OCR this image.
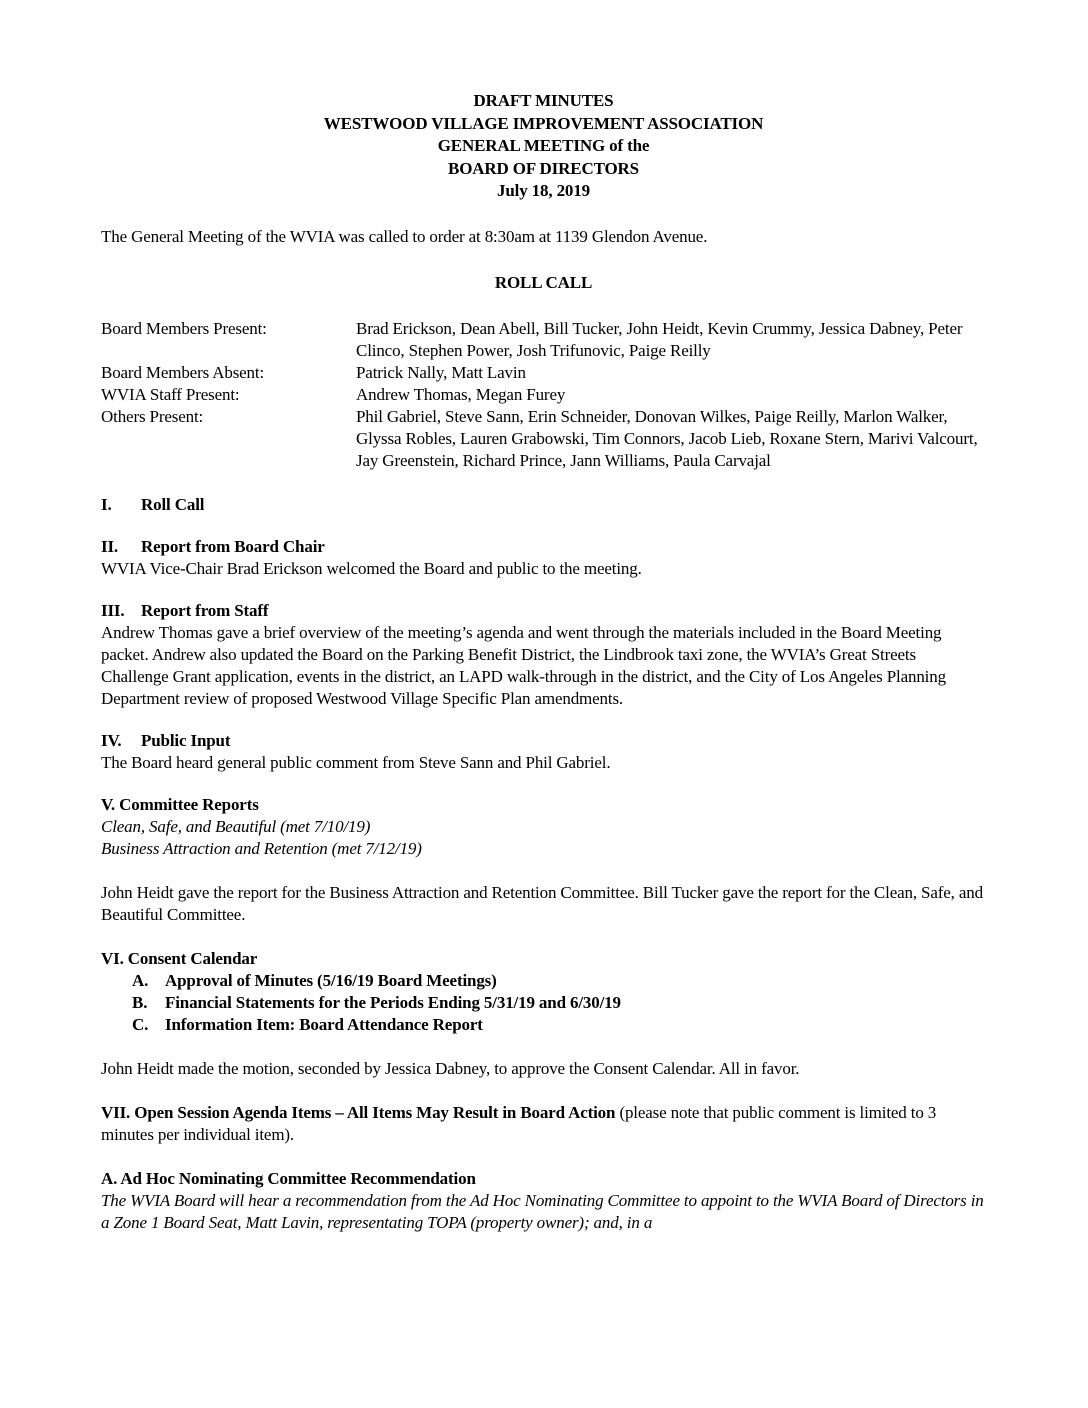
DRAFT MINUTES
WESTWOOD VILLAGE IMPROVEMENT ASSOCIATION
GENERAL MEETING of the
BOARD OF DIRECTORS
July 18, 2019

The General Meeting of the WVIA was called to order at 8:30am at 1139 Glendon Avenue.

ROLL CALL
Board Members Present:	Brad Erickson, Dean Abell, Bill Tucker, John Heidt, Kevin Crummy, Jessica Dabney, Peter Clinco, Stephen Power, Josh Trifunovic, Paige Reilly
Board Members Absent:	Patrick Nally, Matt Lavin
WVIA Staff Present:	Andrew Thomas, Megan Furey
Others Present:	Phil Gabriel, Steve Sann, Erin Schneider, Donovan Wilkes, Paige Reilly, Marlon Walker, Glyssa Robles, Lauren Grabowski, Tim Connors, Jacob Lieb, Roxane Stern, Marivi Valcourt, Jay Greenstein, Richard Prince, Jann Williams, Paula Carvajal
I.	Roll Call
II.	Report from Board Chair

WVIA Vice-Chair Brad Erickson welcomed the Board and public to the meeting.

III. Report from Staff

Andrew Thomas gave a brief overview of the meeting’s agenda and went through the materials included in the Board Meeting packet. Andrew also updated the Board on the Parking Benefit District, the Lindbrook taxi zone, the WVIA’s Great Streets Challenge Grant application, events in the district, an LAPD walk-through in the district, and the City of Los Angeles Planning Department review of proposed Westwood Village Specific Plan amendments.

IV.	Public Input

The Board heard general public comment from Steve Sann and Phil Gabriel.

V. Committee Reports
Clean, Safe, and Beautiful (met 7/10/19)
Business Attraction and Retention (met 7/12/19)

John Heidt gave the report for the Business Attraction and Retention Committee. Bill Tucker gave the report for the Clean, Safe, and Beautiful Committee.

VI. Consent Calendar
A. Approval of Minutes (5/16/19 Board Meetings)
B.	Financial Statements for the Periods Ending 5/31/19 and 6/30/19
C. Information Item: Board Attendance Report

John Heidt made the motion, seconded by Jessica Dabney, to approve the Consent Calendar. All in favor.

VII. Open Session Agenda Items – All Items May Result in Board Action (please note that public comment is limited to 3 minutes per individual item).

A. Ad Hoc Nominating Committee Recommendation

The WVIA Board will hear a recommendation from the Ad Hoc Nominating Committee to appoint to the WVIA Board of Directors in a Zone 1 Board Seat, Matt Lavin, representating TOPA (property owner); and, in a
